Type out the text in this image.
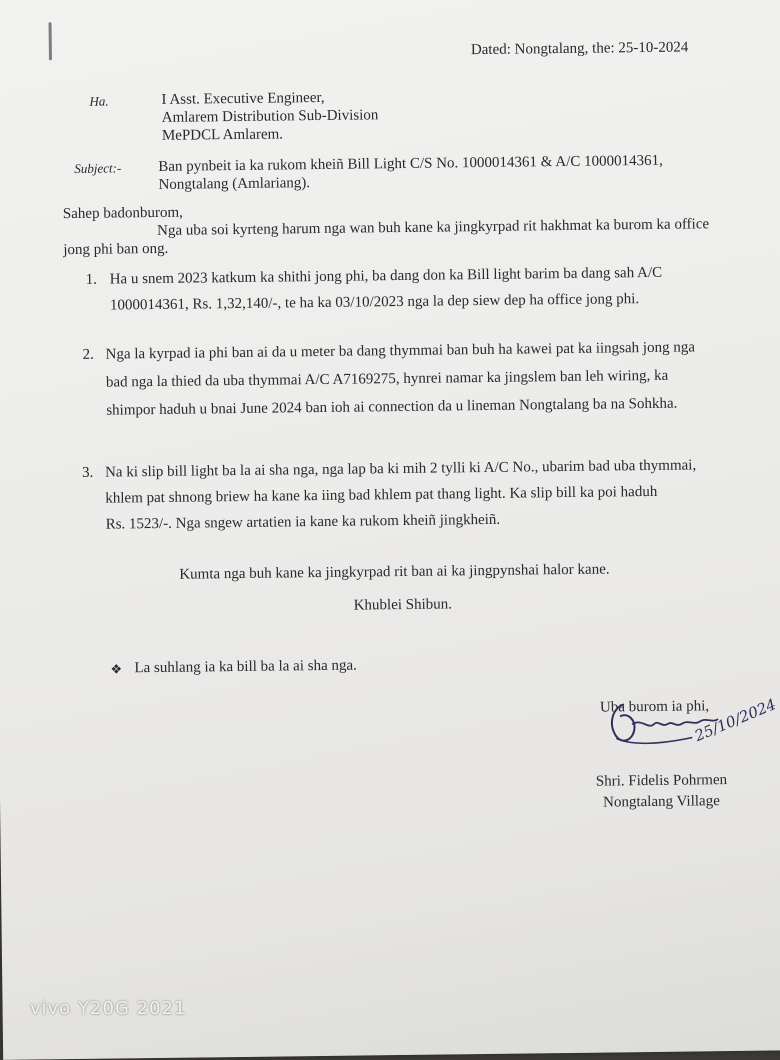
Dated: Nongtalang, the: 25-10-2024
Ha.	I Asst. Executive Engineer,
Amlarem Distribution Sub-Division
MePDCL Amlarem.
Subject:- Ban pynbeit ia ka rukom kheiñ Bill Light C/S No. 1000014361 & A/C 1000014361,
Nongtalang (Amlariang).
Sahep badonburom,
Nga uba soi kyrteng harum nga wan buh kane ka jingkyrpad rit hakhmat ka burom ka office
jong phi ban ong.
1. Ha u snem 2023 katkum ka shithi jong phi, ba dang don ka Bill light barim ba dang sah A/C
1000014361, Rs. 1,32,140/-, te ha ka 03/10/2023 nga la dep siew dep ha office jong phi.
2. Nga la kyrpad ia phi ban ai da u meter ba dang thymmai ban buh ha kawei pat ka iingsah jong nga
bad nga la thied da uba thymmai A/C A7169275, hynrei namar ka jingslem ban leh wiring, ka
shimpor haduh u bnai June 2024 ban ioh ai connection da u lineman Nongtalang ba na Sohkha.
3. Na ki slip bill light ba la ai sha nga, nga lap ba ki mih 2 tylli ki A/C No., ubarim bad uba thymmai,
khlem pat shnong briew ha kane ka iing bad khlem pat thang light. Ka slip bill ka poi haduh
Rs. 1523/-. Nga sngew artatien ia kane ka rukom kheiñ jingkheiñ.
Kumta nga buh kane ka jingkyrpad rit ban ai ka jingpynshai halor kane.
Khublei Shibun.
❖ La suhlang ia ka bill ba la ai sha nga.
Uba burom ia phi,
25/10/2024
Shri. Fidelis Pohrmen
Nongtalang Village
vivo Y20G 2021
